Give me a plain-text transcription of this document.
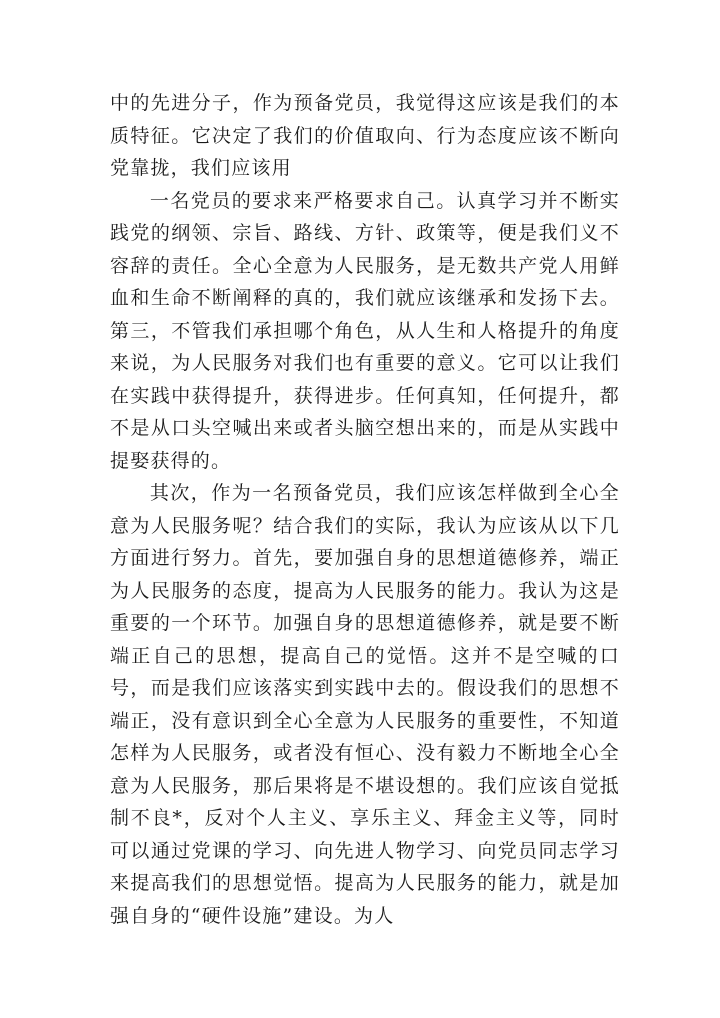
中的先进分子，作为预备党员，我觉得这应该是我们的本质特征。它决定了我们的价值取向、行为态度应该不断向党靠拢，我们应该用

一名党员的要求来严格要求自己。认真学习并不断实践党的纲领、宗旨、路线、方针、政策等，便是我们义不容辞的责任。全心全意为人民服务，是无数共产党人用鲜血和生命不断阐释的真的，我们就应该继承和发扬下去。第三，不管我们承担哪个角色，从人生和人格提升的角度来说，为人民服务对我们也有重要的意义。它可以让我们在实践中获得提升，获得进步。任何真知，任何提升，都不是从口头空喊出来或者头脑空想出来的，而是从实践中提娶获得的。

其次，作为一名预备党员，我们应该怎样做到全心全意为人民服务呢？结合我们的实际，我认为应该从以下几方面进行努力。首先，要加强自身的思想道德修养，端正为人民服务的态度，提高为人民服务的能力。我认为这是重要的一个环节。加强自身的思想道德修养，就是要不断端正自己的思想，提高自己的觉悟。这并不是空喊的口号，而是我们应该落实到实践中去的。假设我们的思想不端正，没有意识到全心全意为人民服务的重要性，不知道怎样为人民服务，或者没有恒心、没有毅力不断地全心全意为人民服务，那后果将是不堪设想的。我们应该自觉抵制不良*，反对个人主义、享乐主义、拜金主义等，同时可以通过党课的学习、向先进人物学习、向党员同志学习来提高我们的思想觉悟。提高为人民服务的能力，就是加强自身的“硬件设施”建设。为人
